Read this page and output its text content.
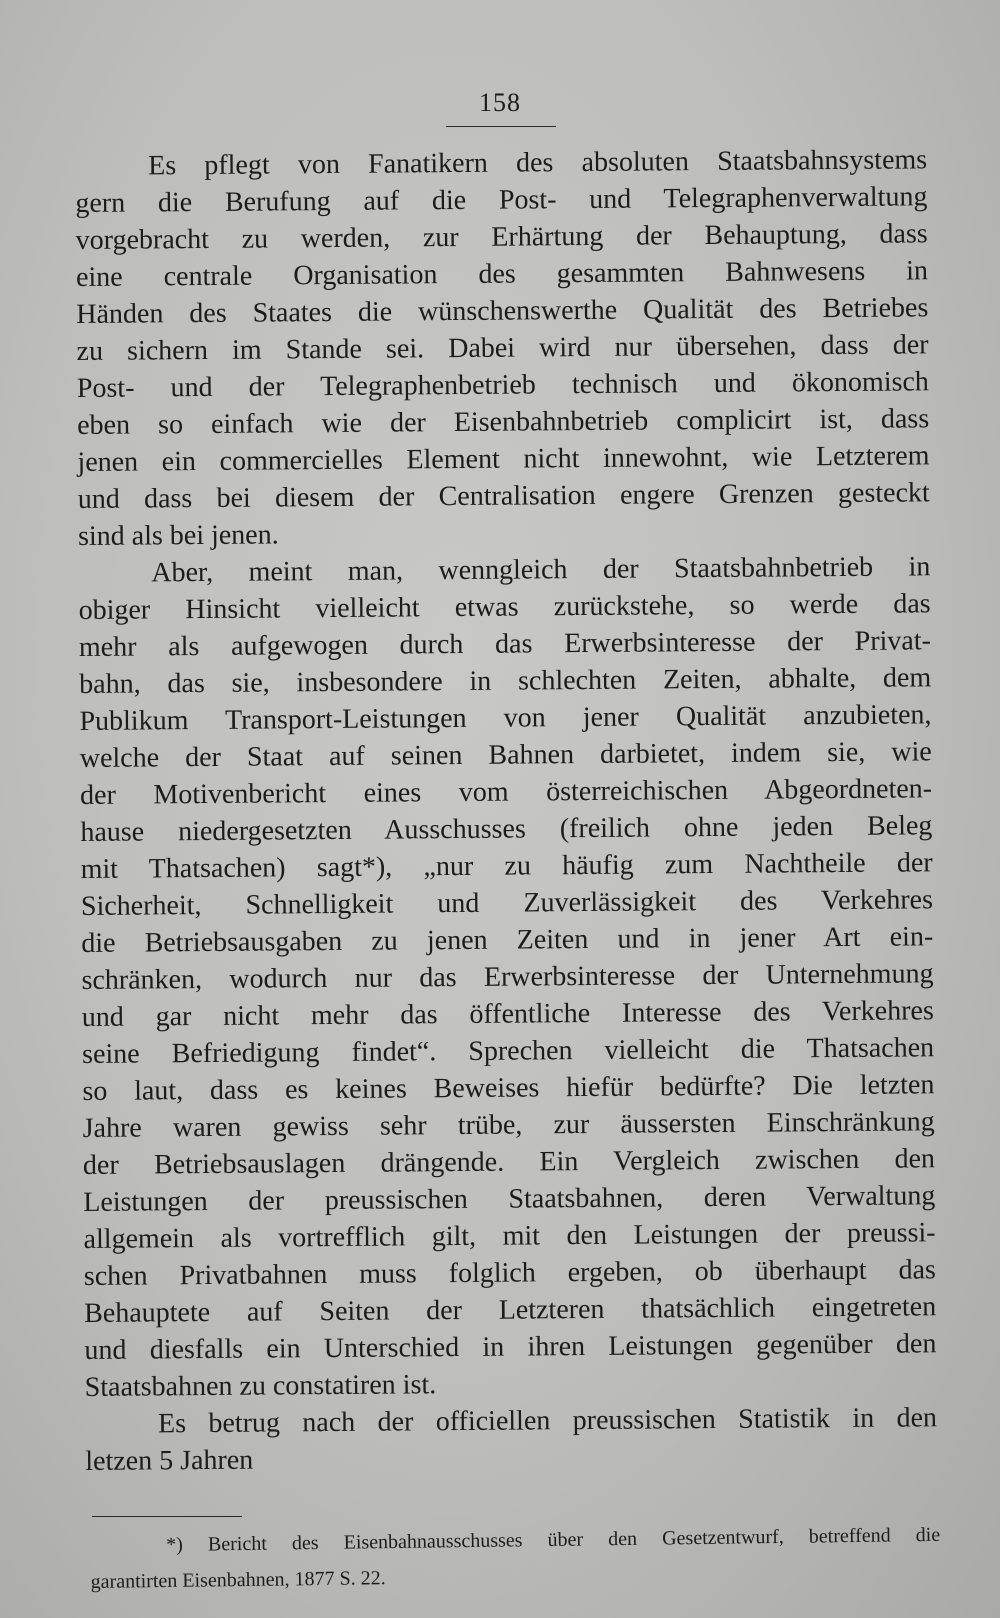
158

Es pflegt von Fanatikern des absoluten Staatsbahnsystems

gern die Berufung auf die Post- und Telegraphenverwaltung

vorgebracht zu werden, zur Erhärtung der Behauptung, dass

eine centrale Organisation des gesammten Bahnwesens in

Händen des Staates die wünschenswerthe Qualität des Betriebes

zu sichern im Stande sei. Dabei wird nur übersehen, dass der

Post- und der Telegraphenbetrieb technisch und ökonomisch

eben so einfach wie der Eisenbahnbetrieb complicirt ist, dass

jenen ein commercielles Element nicht innewohnt, wie Letzterem

und dass bei diesem der Centralisation engere Grenzen gesteckt

sind als bei jenen.

Aber, meint man, wenngleich der Staatsbahnbetrieb in

obiger Hinsicht vielleicht etwas zurückstehe, so werde das

mehr als aufgewogen durch das Erwerbsinteresse der Privat-

bahn, das sie, insbesondere in schlechten Zeiten, abhalte, dem

Publikum Transport-Leistungen von jener Qualität anzubieten,

welche der Staat auf seinen Bahnen darbietet, indem sie, wie

der Motivenbericht eines vom österreichischen Abgeordneten-

hause niedergesetzten Ausschusses (freilich ohne jeden Beleg

mit Thatsachen) sagt*), „nur zu häufig zum Nachtheile der

Sicherheit, Schnelligkeit und Zuverlässigkeit des Verkehres

die Betriebsausgaben zu jenen Zeiten und in jener Art ein-

schränken, wodurch nur das Erwerbsinteresse der Unternehmung

und gar nicht mehr das öffentliche Interesse des Verkehres

seine Befriedigung findet“. Sprechen vielleicht die Thatsachen

so laut, dass es keines Beweises hiefür bedürfte? Die letzten

Jahre waren gewiss sehr trübe, zur äussersten Einschränkung

der Betriebsauslagen drängende. Ein Vergleich zwischen den

Leistungen der preussischen Staatsbahnen, deren Verwaltung

allgemein als vortrefflich gilt, mit den Leistungen der preussi-

schen Privatbahnen muss folglich ergeben, ob überhaupt das

Behauptete auf Seiten der Letzteren thatsächlich eingetreten

und diesfalls ein Unterschied in ihren Leistungen gegenüber den

Staatsbahnen zu constatiren ist.

Es betrug nach der officiellen preussischen Statistik in den

letzen 5 Jahren

*) Bericht des Eisenbahnausschusses über den Gesetzentwurf, betreffend die

garantirten Eisenbahnen, 1877 S. 22.
